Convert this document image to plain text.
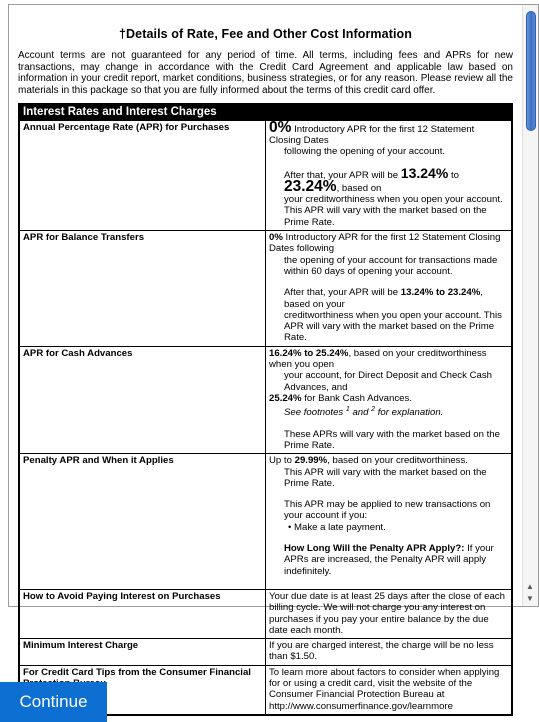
†Details of Rate, Fee and Other Cost Information

Account terms are not guaranteed for any period of time. All terms, including fees and APRs for new transactions, may change in accordance with the Credit Card Agreement and applicable law based on information in your credit report, market conditions, business strategies, or for any reason. Please review all the materials in this package so that you are fully informed about the terms of this credit card offer.

Interest Rates and Interest Charges	
Annual Percentage Rate (APR) for Purchases	0% Introductory APR for the first 12 Statement Closing Dates
following the opening of your account.
After that, your APR will be 13.24% to 23.24%, based on
your creditworthiness when you open your account. This APR will vary with the market based on the Prime Rate.

APR for Balance Transfers	0% Introductory APR for the first 12 Statement Closing Dates following
the opening of your account for transactions made within 60 days of opening your account.
After that, your APR will be 13.24% to 23.24%, based on your
creditworthiness when you open your account. This APR will vary with the market based on the Prime Rate.

APR for Cash Advances	16.24% to 25.24%, based on your creditworthiness when you open
your account, for Direct Deposit and Check Cash Advances, and
25.24% for Bank Cash Advances.
See footnotes $^1$ and $^2$ for explanation.
These APRs will vary with the market based on the Prime Rate.

Penalty APR and When it Applies	Up to 29.99%, based on your creditworthiness.
This APR will vary with the market based on the Prime Rate.
This APR may be applied to new transactions on your account if you:
• Make a late payment.
How Long Will the Penalty APR Apply?: If your APRs are increased, the Penalty APR will apply indefinitely.

How to Avoid Paying Interest on Purchases	Your due date is at least 25 days after the close of each billing cycle. We will not charge you any interest on purchases if you pay your entire balance by the due date each month.
Minimum Interest Charge	If you are charged interest, the charge will be no less than $1.50.
For Credit Card Tips from the Consumer Financial	To learn more about factors to consider when applying for or using a credit card, visit the website of the Consumer Financial Protection Bureau at
http://www.consumerfinance.gov/learnmore
▲
▼
Continue
